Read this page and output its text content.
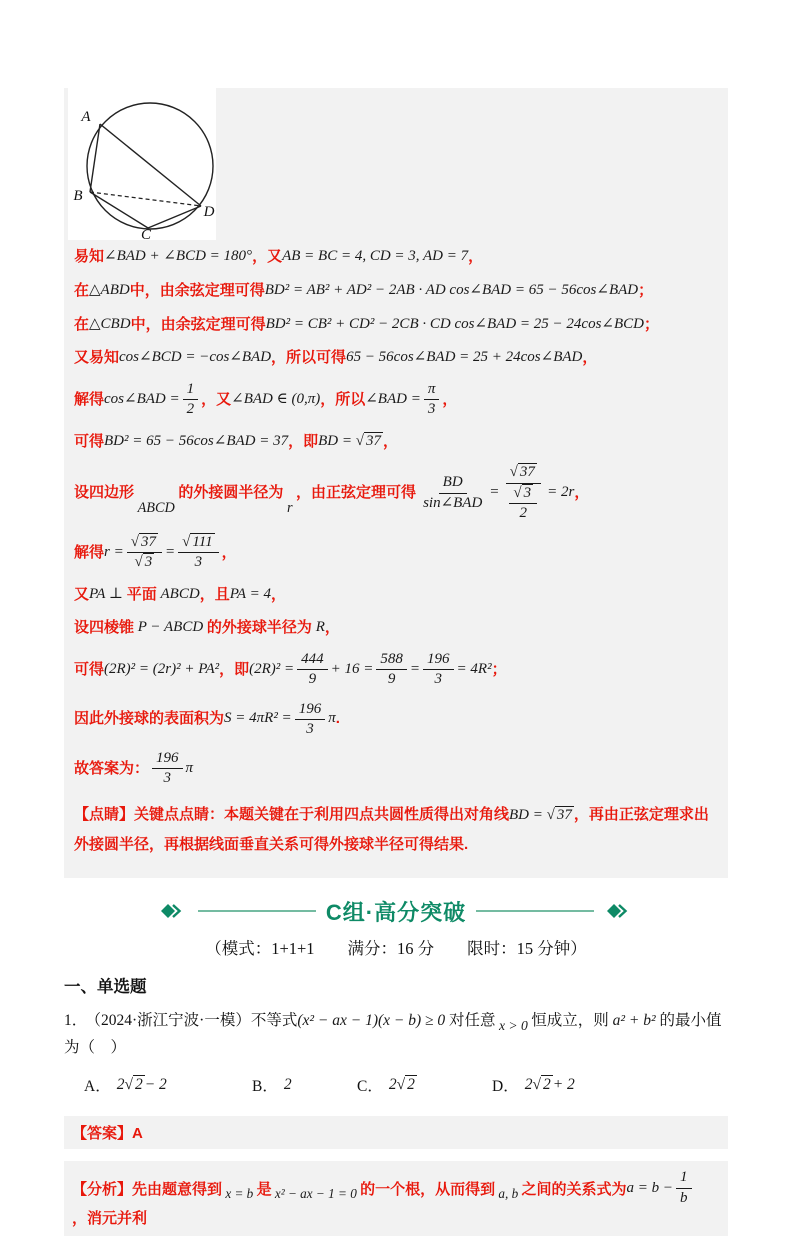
A
B
C
D
易知 ∠BAD + ∠BCD = 180° ，又 AB = BC = 4, CD = 3, AD = 7 ，
在 △ABD 中，由余弦定理可得 BD² = AB² + AD² − 2AB · AD cos∠BAD = 65 − 56cos∠BAD ；
在 △CBD 中，由余弦定理可得 BD² = CB² + CD² − 2CB · CD cos∠BAD = 25 − 24cos∠BCD ；
又易知 cos∠BCD = −cos∠BAD ，所以可得 65 − 56cos∠BAD = 25 + 24cos∠BAD ，
解得 cos∠BAD = $\frac{1}{2}$ ，又 ∠BAD ∈ (0,π) ，所以 ∠BAD = $\frac{\pi}{3}$ ，
可得 BD² = 65 − 56cos∠BAD = 37 ，即 BD = √ 37 ，
设四边形
ABCD
的外接圆半径为
r
，由正弦定理可得 $\frac{BD}{\text{sin∠BAD}} = \frac{√ 37}{\frac{√ 3}{2}} = 2r$ ，
解得 $r = \frac{√ 37}{√ 3} = \frac{√ 111}{3}$ ，
又 PA ⊥ 平面 ABCD ，且 PA = 4 ，
设四棱锥 P − ABCD 的外接球半径为 R ，
可得 (2R)² = (2r)² + PA² ，即 $(2R)^2 = \frac{444}{9} + 16 = \frac{588}{9} = \frac{196}{3} = 4R^2$ ；
因此外接球的表面积为 $S = 4\pi R^2 = \frac{196}{3}$ π .
故答案为： $\frac{196}{3}$ π
【点睛】关键点点睛：本题关键在于利用四点共圆性质得出对角线BD = √ 37 ，再由正弦定理求出外接圆半径，再根据线面垂直关系可得外接球半径可得结果.
C组·高分突破
（模式：1+1+1　　满分：16 分　　限时：15 分钟）
一、单选题
1． （2024·浙江宁波·一模）不等式(x² − ax − 1)(x − b) ≥ 0 对任意 x > 0 恒成立，则 a² + b² 的最小值为（　）
A． 2 √ 2 − 2	B． 2	C． 2 √ 2	D． 2 √ 2 + 2
【答案】A
【分析】先由题意得到 x = b 是 x² − ax − 1 = 0 的一个根，从而得到 a, b 之间的关系式为 $a = b - \frac{1}{b}$
，消元并利
